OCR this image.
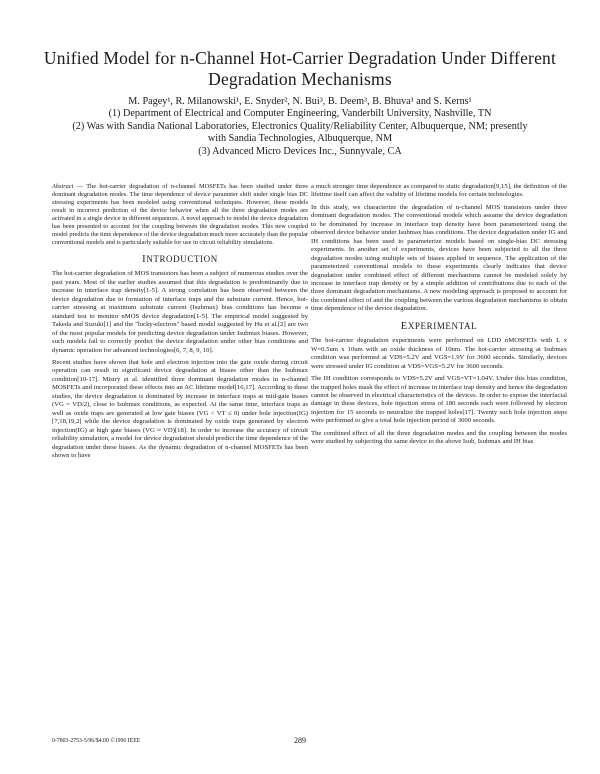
Unified Model for n-Channel Hot-Carrier Degradation Under Different
Degradation Mechanisms
M. Pagey¹, R. Milanowski¹, E. Snyder², N. Bui³, B. Deem³, B. Bhuva¹ and S. Kerns¹
(1) Department of Electrical and Computer Engineering, Vanderbilt University, Nashville, TN
(2) Was with Sandia National Laboratories, Electronics Quality/Reliability Center, Albuquerque, NM; presently
with Sandia Technologies, Albuquerque, NM
(3) Advanced Micro Devices Inc., Sunnyvale, CA

Abstract — The hot-carrier degradation of n-channel MOSFETs has been studied under three dominant degradation modes. The time dependence of device parameter shift under single bias DC stressing experiments has been modeled using conventional techniques. However, these models result in incorrect prediction of the device behavior when all the three degradation modes are activated in a single device in different sequences. A novel approach to model the device degradation has been presented to account for the coupling between the degradation modes. This new coupled model predicts the time dependence of the device degradation much more accurately than the popular conventional models and is particularly suitable for use in circuit reliability simulations.

INTRODUCTION

The hot-carrier degradation of MOS transistors has been a subject of numerous studies over the past years. Most of the earlier studies assumed that this degradation is predominantly due to increase in interface trap density[1-5]. A strong correlation has been observed between the device degradation due to formation of interface traps and the substrate current. Hence, hot-carrier stressing at maximum substrate current (Isubmax) bias conditions has become a standard test to monitor nMOS device degradation[1-5]. The empirical model suggested by Takeda and Suzuki[1] and the "lucky-electron" based model suggested by Hu et al.[2] are two of the most popular models for predicting device degradation under Isubmax biases. However, such models fail to correctly predict the device degradation under other bias conditions and dynamic operation for advanced technologies[6, 7, 8, 9, 10].

Recent studies have shown that hole and electron injection into the gate oxide during circuit operation can result in significant device degradation at biases other than the Isubmax condition[10-17]. Mistry et al. identified three dominant degradation modes in n-channel MOSFETs and incorporated these effects into an AC lifetime model[16,17]. According to these studies, the device degradation is dominated by increase in interface traps at mid-gate biases (VG = VD/2), close to Isubmax conditions, as expected. At the same time, interface traps as well as oxide traps are generated at low gate biases (VG < VT ≤ 0) under hole injection(IG)[7,18,19,2] while the device degradation is dominated by oxide traps generated by electron injection(IG) at high gate biases (VG ≈ VD)[18]. In order to increase the accuracy of circuit reliability simulation, a model for device degradation should predict the time dependence of the degradation under these biases. As the dynamic degradation of n-channel MOSFETs has been shown to have

a much stronger time dependence as compared to static degradation[9,15], the definition of the lifetime itself can affect the validity of lifetime models for certain technologies.

In this study, we characterize the degradation of n-channel MOS transistors under three dominant degradation modes. The conventional models which assume the device degradation to be dominated by increase in interface trap density have been parameterized using the observed device behavior under Isubmax bias conditions. The device degradation under IG and IH conditions has been used to parameterize models based on single-bias DC stressing experiments. In another set of experiments, devices have been subjected to all the three degradation modes using multiple sets of biases applied in sequence. The application of the parameterized conventional models to these experiments clearly indicates that device degradation under combined effect of different mechanisms cannot be modeled solely by increase in interface trap density or by a simple addition of contributions due to each of the three dominant degradation mechanisms. A new modeling approach is proposed to account for the combined effect of and the coupling between the various degradation mechanisms to obtain time dependence of the device degradation.

EXPERIMENTAL

The hot-carrier degradation experiments were performed on LDD nMOSFETs with L x W=0.5um x 10um with an oxide thickness of 10nm. The hot-carrier stressing at Isubmax condition was performed at VDS=5.2V and VGS=1.9V for 3600 seconds. Similarly, devices were stressed under IG condition at VDS=VGS=5.2V for 3600 seconds.

The IH condition corresponds to VDS=5.2V and VGS=VT=1.04V. Under this bias condition, the trapped holes mask the effect of increase in interface trap density and hence the degradation cannot be observed in electrical characteristics of the devices. In order to expose the interfacial damage in these devices, hole injection stress of 180 seconds each were followed by electron injection for 15 seconds to neutralize the trapped holes[17]. Twenty such hole injection steps were performed to give a total hole injection period of 3600 seconds.

The combined effect of all the three degradation modes and the coupling between the modes were studied by subjecting the same device to the above Isub, Isubmax and IH bias

0-7803-2753-5/96/$4.00 ©1996 IEEE	289
